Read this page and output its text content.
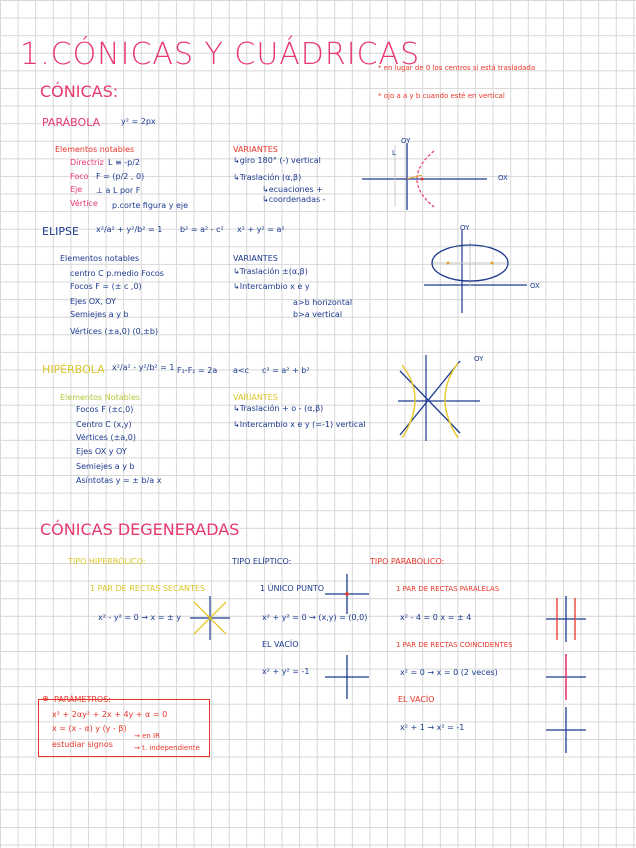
1.CÓNICAS Y CUÁDRICAS
* en lugar de 0 los centros si está trasladada
* ojo a a y b cuando esté en vertical
CÓNICAS:
PARÁBOLA	y² = 2px
Elementos notables
Directriz L ≡ -p/2
Foco F = (p/2 , 0)
Eje ⊥ a L por F
Vértice p.corte figura y eje
VARIANTES
↳giro 180° (-) vertical
↳Traslación (α,β)
↳ecuaciones +
↳coordenadas -
OY
OX
L
ELIPSE x²/a² + y²/b² = 1 b² = a² - c² x² + y² = a²
Elementos notables
centro C p.medio Focos
Focos F = (± c ,0)
Ejes OX, OY
Semiejes a y b
Vértices (±a,0) (0,±b)
VARIANTES
↳Traslación ±(α,β)
↳Intercambio x e y
a>b horizontal
b>a vertical
OY
OX
HIPÉRBOLA x²/a² - y²/b² = 1 F₂-F₁ = 2a a<c c² = a² + b²
Elementos Notables
Focos F (±c,0)
Centro C (x,y)
Vértices (±a,0)
Ejes OX y OY
Semiejes a y b
Asíntotas y = ± b/a x
VARIANTES
↳Traslación + o - (α,β)
↳Intercambio x e y (=-1) vertical
OY
CÓNICAS DEGENERADAS
TIPO HIPERBÓLICO:
1 PAR DE RECTAS SECANTES
x² - y² = 0 → x = ± y
TIPO ELÍPTICO:
1 ÚNICO PUNTO
x² + y² = 0 → (x,y) = (0,0)
EL VACÍO
x² + y² = -1
TIPO PARABÓLICO:
1 PAR DE RECTAS PARALELAS
x² - 4 = 0 x = ± 4
1 PAR DE RECTAS COINCIDENTES
x² = 0 → x = 0 (2 veces)
EL VACÍO
x² + 1 → x² = -1
⊕ PARÁMETROS:
x² + 2αy² + 2x + 4y + α = 0
x = (x - α) y (y - β)
estudiar signos
→ en IR
→ t. independiente
